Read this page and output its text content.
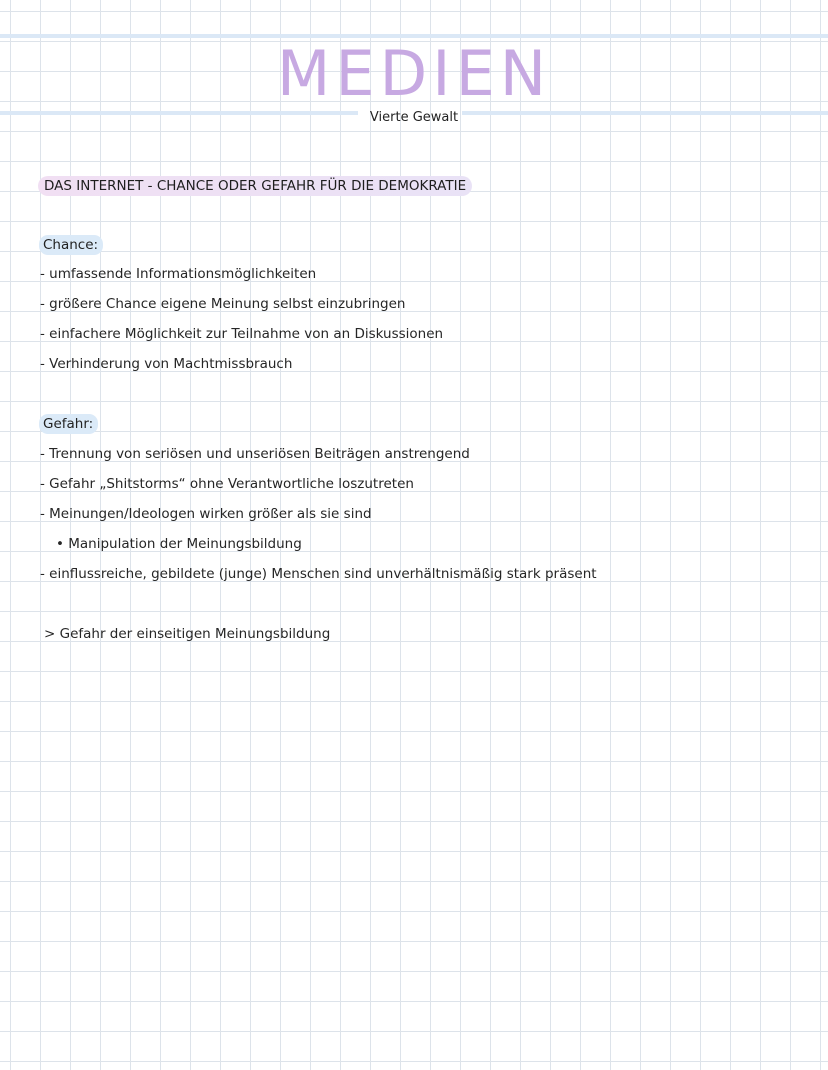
MEDIEN
Vierte Gewalt
DAS INTERNET - CHANCE ODER GEFAHR FÜR DIE DEMOKRATIE
Chance:
- umfassende Informationsmöglichkeiten
- größere Chance eigene Meinung selbst einzubringen
- einfachere Möglichkeit zur Teilnahme von an Diskussionen
- Verhinderung von Machtmissbrauch
Gefahr:
- Trennung von seriösen und unseriösen Beiträgen anstrengend
- Gefahr „Shitstorms“ ohne Verantwortliche loszutreten
- Meinungen/Ideologen wirken größer als sie sind
• Manipulation der Meinungsbildung
- einflussreiche, gebildete (junge) Menschen sind unverhältnismäßig stark präsent
> Gefahr der einseitigen Meinungsbildung
